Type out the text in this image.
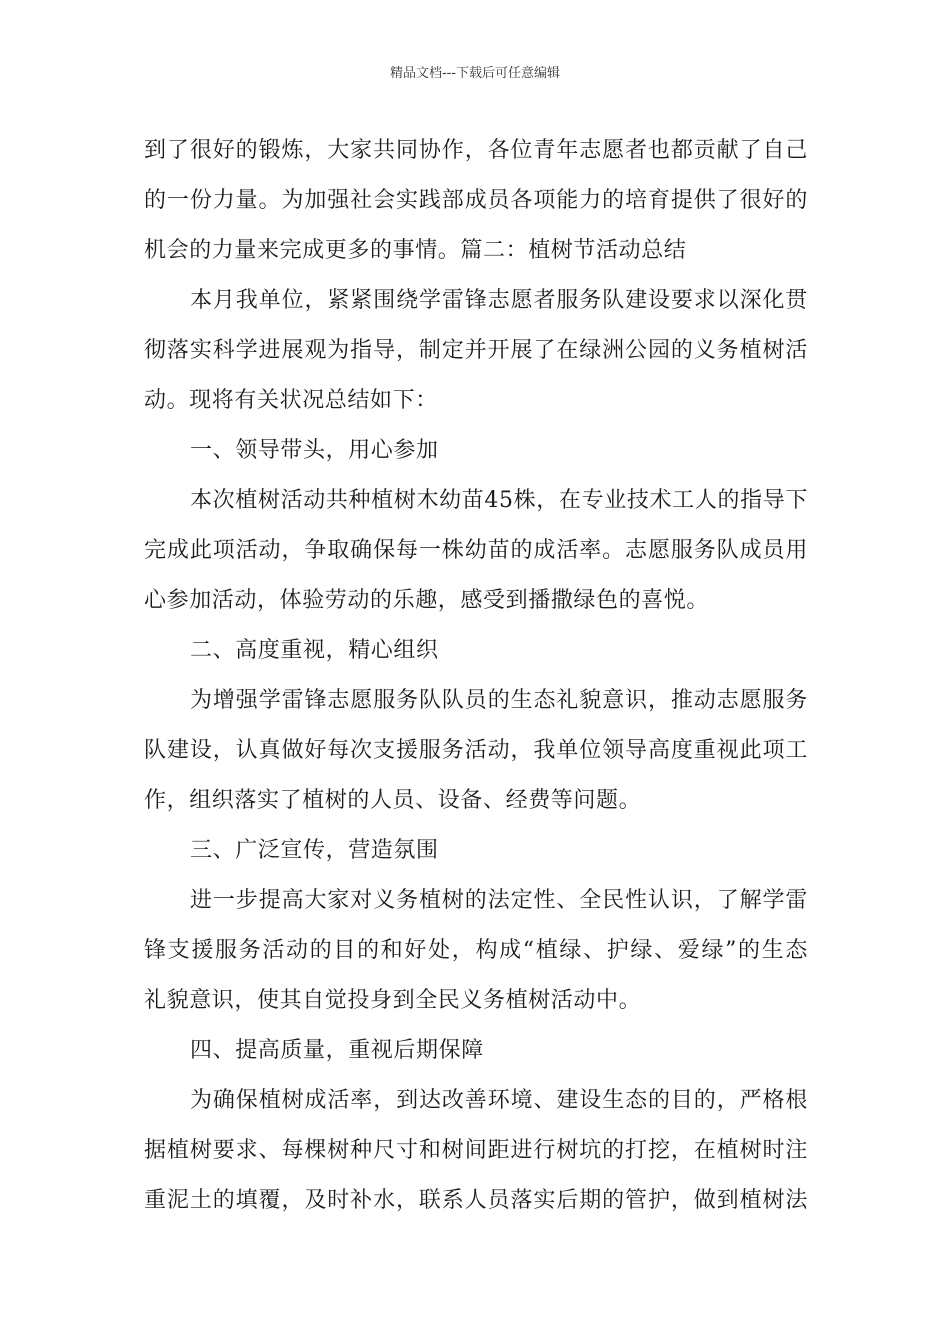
精品文档---下载后可任意编辑
到了很好的锻炼，大家共同协作，各位青年志愿者也都贡献了自己
的一份力量。为加强社会实践部成员各项能力的培育提供了很好的
机会的力量来完成更多的事情。篇二：植树节活动总结
本月我单位，紧紧围绕学雷锋志愿者服务队建设要求以深化贯
彻落实科学进展观为指导，制定并开展了在绿洲公园的义务植树活
动。现将有关状况总结如下：
一、领导带头，用心参加
本次植树活动共种植树木幼苗45株，在专业技术工人的指导下
完成此项活动，争取确保每一株幼苗的成活率。志愿服务队成员用
心参加活动，体验劳动的乐趣，感受到播撒绿色的喜悦。
二、高度重视，精心组织
为增强学雷锋志愿服务队队员的生态礼貌意识，推动志愿服务
队建设，认真做好每次支援服务活动，我单位领导高度重视此项工
作，组织落实了植树的人员、设备、经费等问题。
三、广泛宣传，营造氛围
进一步提高大家对义务植树的法定性、全民性认识，了解学雷
锋支援服务活动的目的和好处，构成“植绿、护绿、爱绿”的生态
礼貌意识，使其自觉投身到全民义务植树活动中。
四、提高质量，重视后期保障
为确保植树成活率，到达改善环境、建设生态的目的，严格根
据植树要求、每棵树种尺寸和树间距进行树坑的打挖，在植树时注
重泥土的填覆，及时补水，联系人员落实后期的管护，做到植树法
